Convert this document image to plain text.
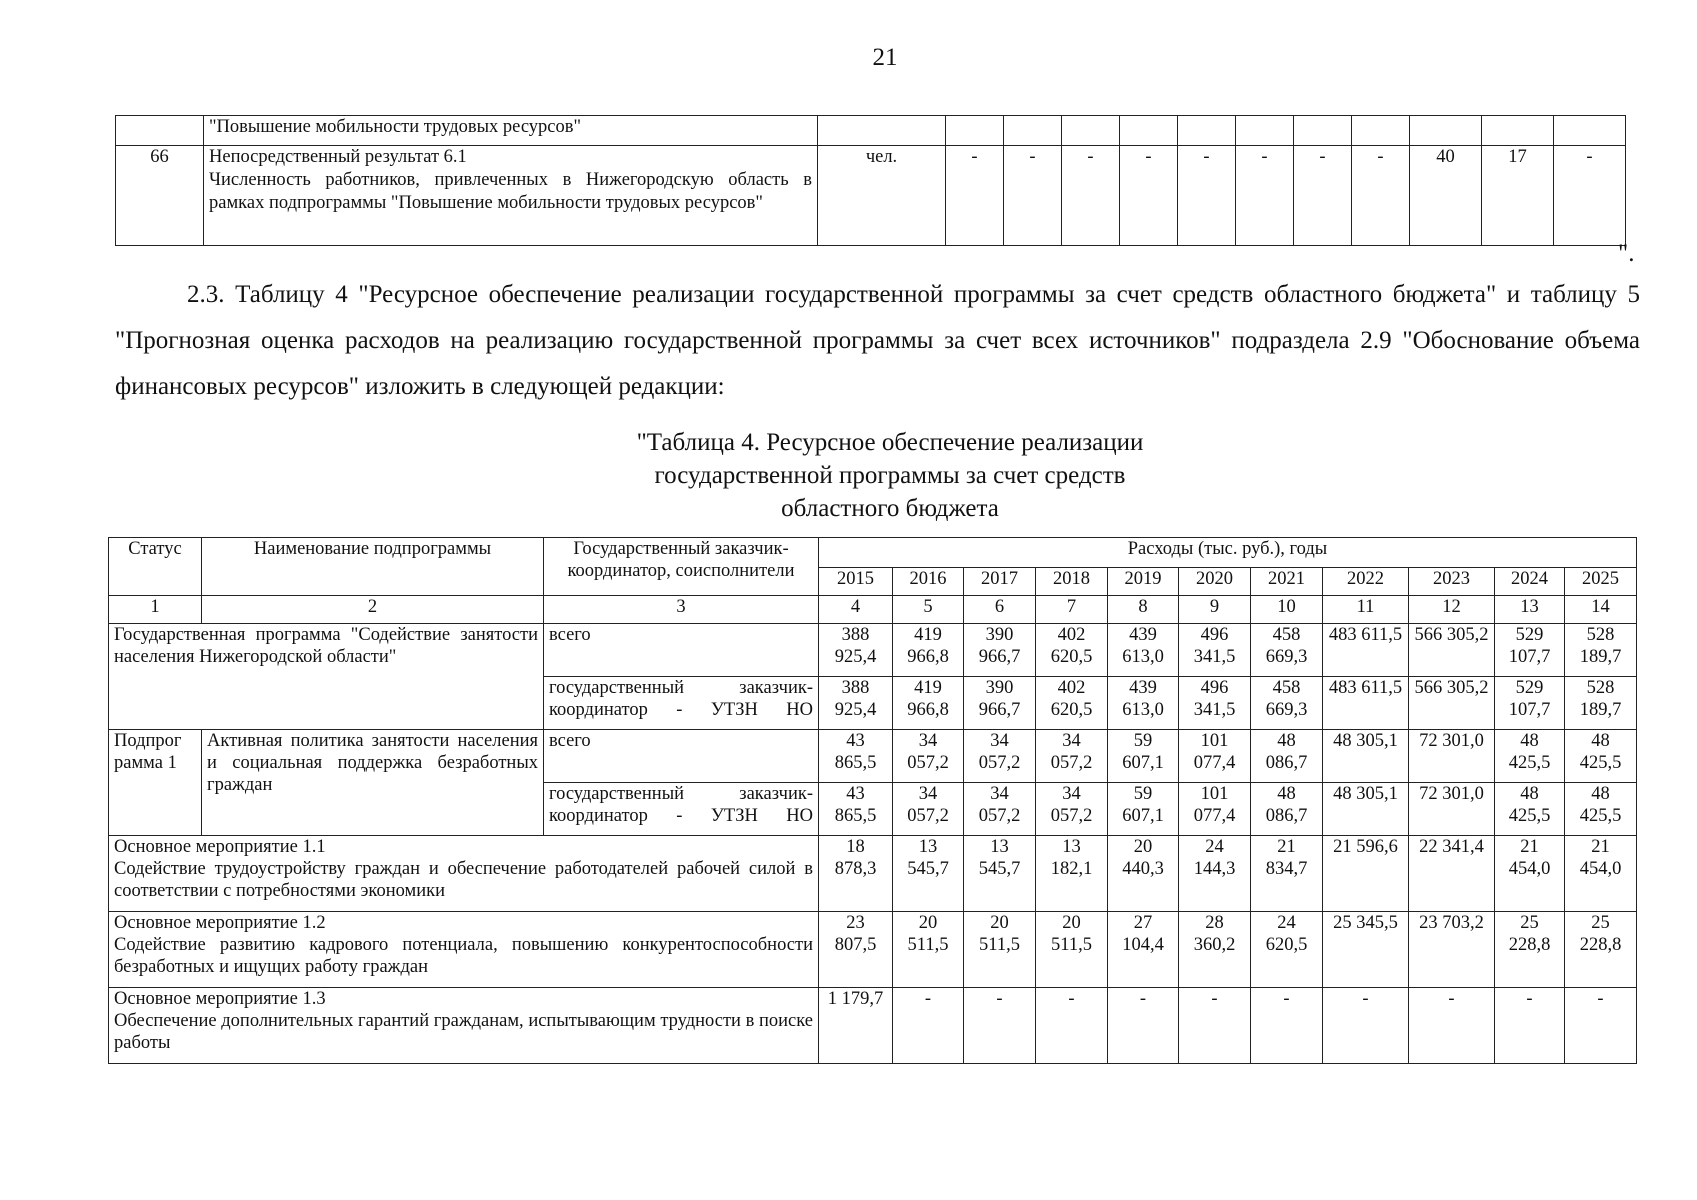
21
	"Повышение мобильности трудовых ресурсов"												
66	Непосредственный результат 6.1
Численность работников, привлеченных в Нижегородскую область в рамках подпрограммы "Повышение мобильности трудовых ресурсов"	чел.	-	-	-	-	-	-	-	-	40	17	-
".

2.3. Таблицу 4 "Ресурсное обеспечение реализации государственной программы за счет средств областного бюджета" и таблицу 5 "Прогнозная оценка расходов на реализацию государственной программы за счет всех источников" подраздела 2.9 "Обоснование объема финансовых ресурсов" изложить в следующей редакции:

"Таблица 4. Ресурсное обеспечение реализации
государственной программы за счет средств
областного бюджета
Статус	Наименование подпрограммы	Государственный заказчик-координатор, соисполнители	Расходы (тыс. руб.), годы										
			2015	2016	2017	2018	2019	2020	2021	2022	2023	2024	2025
1	2	3	4	5	6	7	8	9	10	11	12	13	14
Государственная программа "Содействие занятости населения Нижегородской области"		всего	388 925,4	419 966,8	390 966,7	402 620,5	439 613,0	496 341,5	458 669,3	483 611,5	566 305,2	529 107,7	528 189,7
		государственный заказчик-координатор - УТЗН НО	388 925,4	419 966,8	390 966,7	402 620,5	439 613,0	496 341,5	458 669,3	483 611,5	566 305,2	529 107,7	528 189,7
Подпрог рамма 1	Активная политика занятости населения и социальная поддержка безработных граждан	всего	43 865,5	34 057,2	34 057,2	34 057,2	59 607,1	101 077,4	48 086,7	48 305,1	72 301,0	48 425,5	48 425,5
		государственный заказчик-координатор - УТЗН НО	43 865,5	34 057,2	34 057,2	34 057,2	59 607,1	101 077,4	48 086,7	48 305,1	72 301,0	48 425,5	48 425,5

Основное мероприятие 1.1
Содействие трудоустройству граждан и обеспечение работодателей рабочей силой в соответствии с потребностями экономики			18 878,3	13 545,7	13 545,7	13 182,1	20 440,3	24 144,3	21 834,7	21 596,6	22 341,4	21 454,0	21 454,0

Основное мероприятие 1.2
Содействие развитию кадрового потенциала, повышению конкурентоспособности безработных и ищущих работу граждан			23 807,5	20 511,5	20 511,5	20 511,5	27 104,4	28 360,2	24 620,5	25 345,5	23 703,2	25 228,8	25 228,8

Основное мероприятие 1.3
Обеспечение дополнительных гарантий гражданам, испытывающим трудности в поиске работы			1 179,7	-	-	-	-	-	-	-	-	-	-
